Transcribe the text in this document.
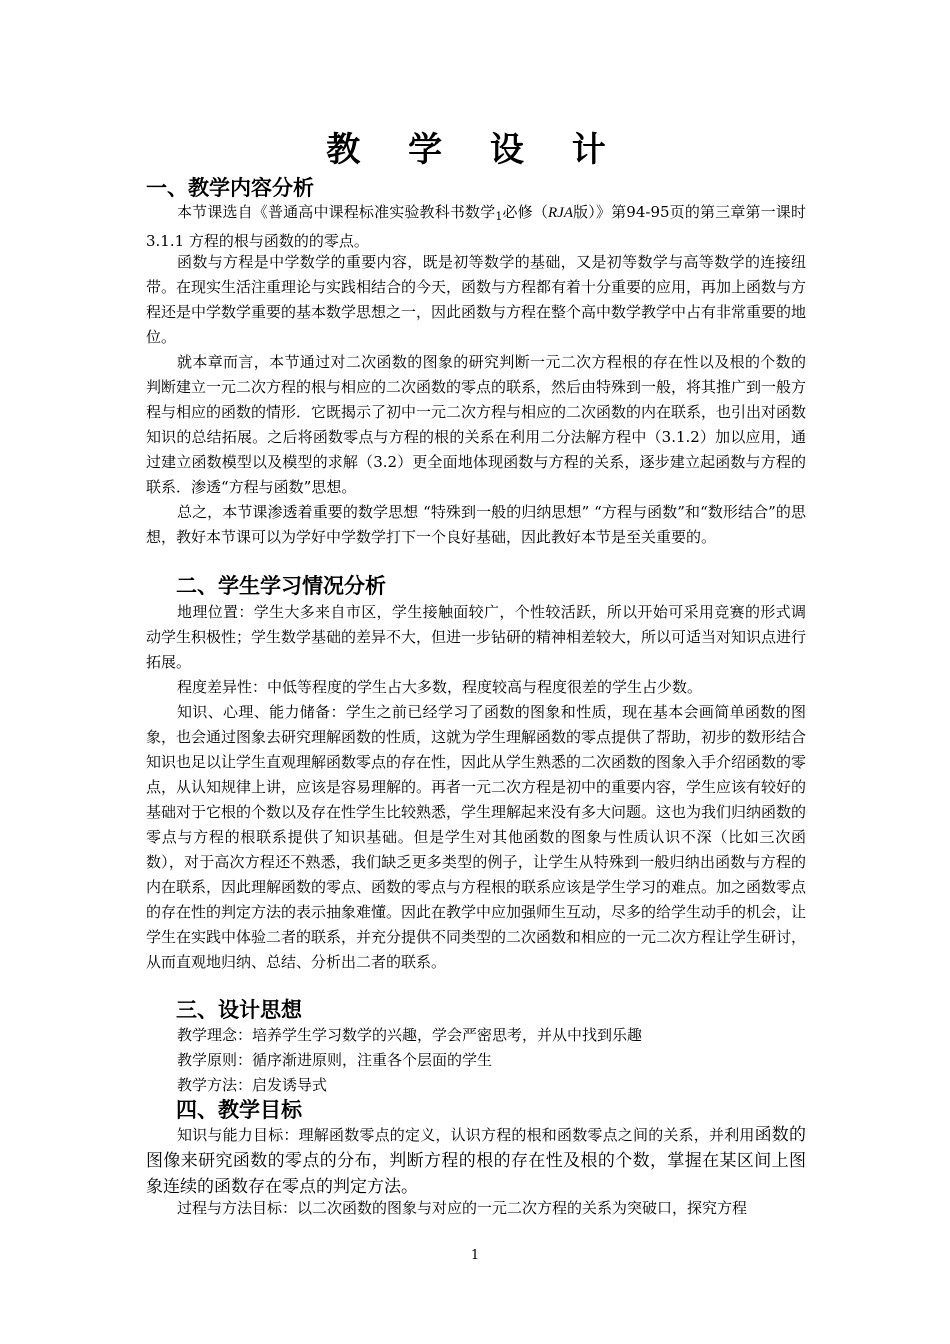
教 学 设 计
一、教学内容分析

本节课选自《普通高中课程标准实验教科书数学$_1$必修（RJA版）》第94-95页的第三章第一课时 3.1.1 方程的根与函数的的零点。

函数与方程是中学数学的重要内容，既是初等数学的基础，又是初等数学与高等数学的连接纽带。在现实生活注重理论与实践相结合的今天，函数与方程都有着十分重要的应用，再加上函数与方程还是中学数学重要的基本数学思想之一，因此函数与方程在整个高中数学教学中占有非常重要的地位。

就本章而言，本节通过对二次函数的图象的研究判断一元二次方程根的存在性以及根的个数的判断建立一元二次方程的根与相应的二次函数的零点的联系，然后由特殊到一般，将其推广到一般方程与相应的函数的情形．它既揭示了初中一元二次方程与相应的二次函数的内在联系，也引出对函数知识的总结拓展。之后将函数零点与方程的根的关系在利用二分法解方程中（3.1.2）加以应用，通过建立函数模型以及模型的求解（3.2）更全面地体现函数与方程的关系，逐步建立起函数与方程的联系．渗透“方程与函数”思想。

总之，本节课渗透着重要的数学思想 “特殊到一般的归纳思想” “方程与函数”和“数形结合”的思想，教好本节课可以为学好中学数学打下一个良好基础，因此教好本节是至关重要的。

二、学生学习情况分析

地理位置：学生大多来自市区，学生接触面较广，个性较活跃，所以开始可采用竞赛的形式调动学生积极性；学生数学基础的差异不大，但进一步钻研的精神相差较大，所以可适当对知识点进行拓展。

程度差异性：中低等程度的学生占大多数，程度较高与程度很差的学生占少数。

知识、心理、能力储备：学生之前已经学习了函数的图象和性质，现在基本会画简单函数的图象，也会通过图象去研究理解函数的性质，这就为学生理解函数的零点提供了帮助，初步的数形结合知识也足以让学生直观理解函数零点的存在性，因此从学生熟悉的二次函数的图象入手介绍函数的零点，从认知规律上讲，应该是容易理解的。再者一元二次方程是初中的重要内容，学生应该有较好的基础对于它根的个数以及存在性学生比较熟悉，学生理解起来没有多大问题。这也为我们归纳函数的零点与方程的根联系提供了知识基础。但是学生对其他函数的图象与性质认识不深（比如三次函数），对于高次方程还不熟悉，我们缺乏更多类型的例子，让学生从特殊到一般归纳出函数与方程的内在联系，因此理解函数的零点、函数的零点与方程根的联系应该是学生学习的难点。加之函数零点的存在性的判定方法的表示抽象难懂。因此在教学中应加强师生互动，尽多的给学生动手的机会，让学生在实践中体验二者的联系，并充分提供不同类型的二次函数和相应的一元二次方程让学生研讨，从而直观地归纳、总结、分析出二者的联系。

三、设计思想

教学理念：培养学生学习数学的兴趣，学会严密思考，并从中找到乐趣

教学原则：循序渐进原则，注重各个层面的学生

教学方法：启发诱导式

四、教学目标

知识与能力目标：理解函数零点的定义，认识方程的根和函数零点之间的关系，并利用函数的图像来研究函数的零点的分布，判断方程的根的存在性及根的个数，掌握在某区间上图象连续的函数存在零点的判定方法。

过程与方法目标：以二次函数的图象与对应的一元二次方程的关系为突破口，探究方程

1
